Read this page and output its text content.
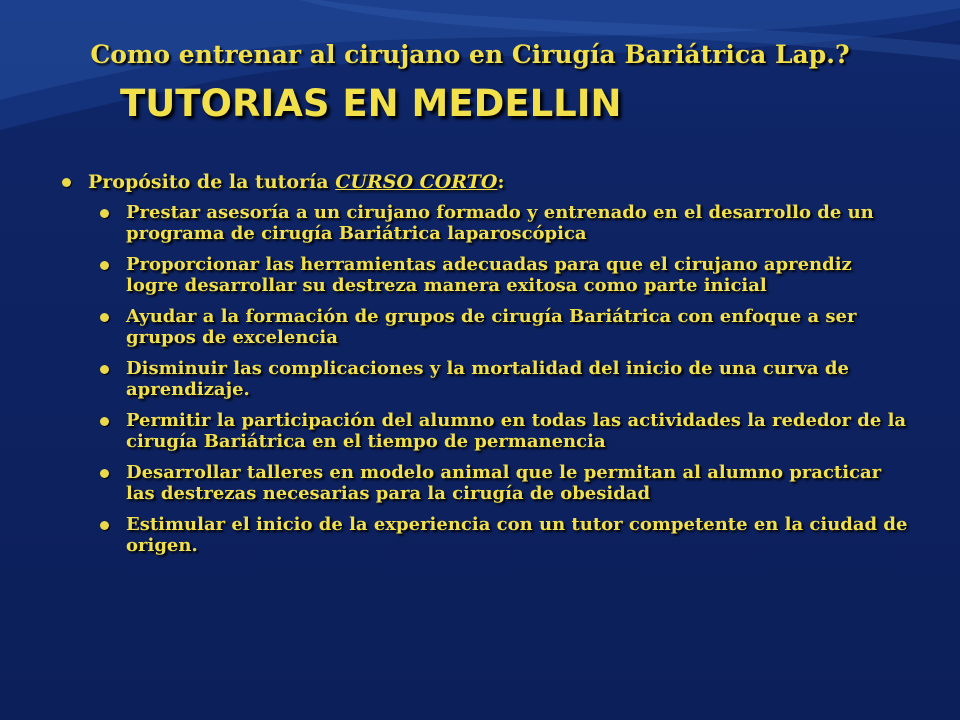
Como entrenar al cirujano en Cirugía Bariátrica Lap.?
TUTORIAS EN MEDELLIN
Propósito de la tutoría CURSO CORTO:
Prestar asesoría a un cirujano formado y entrenado en el desarrollo de un programa de cirugía Bariátrica laparoscópica
Proporcionar las herramientas adecuadas para que el cirujano aprendiz logre desarrollar su destreza manera exitosa como parte inicial
Ayudar a la formación de grupos de cirugía Bariátrica con enfoque a ser grupos de excelencia
Disminuir las complicaciones y la mortalidad del inicio de una curva de aprendizaje.
Permitir la participación del alumno en todas las actividades la rededor de la cirugía Bariátrica en el tiempo de permanencia
Desarrollar talleres en modelo animal que le permitan al alumno practicar las destrezas necesarias para la cirugía de obesidad
Estimular el inicio de la experiencia con un tutor competente en la ciudad de origen.
